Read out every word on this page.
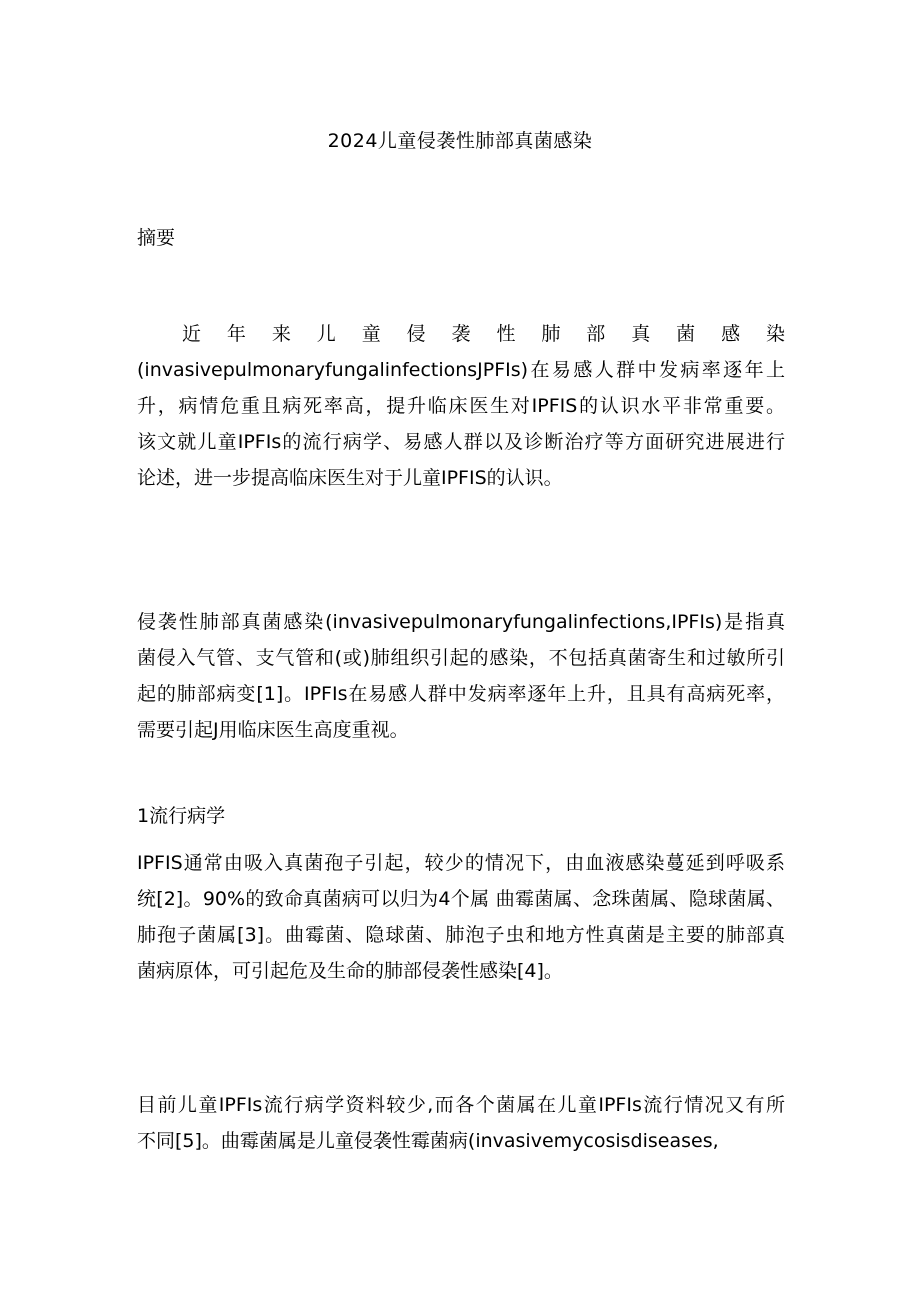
2024儿童侵袭性肺部真菌感染
摘要
近 年 来 儿 童 侵 袭 性 肺 部 真 菌 感 染
(invasivepulmonaryfungalinfectionsJPFIs)在易感人群中发病率逐年上
升，病情危重且病死率高，提升临床医生对IPFIS的认识水平非常重要。
该文就儿童IPFIs的流行病学、易感人群以及诊断治疗等方面研究进展进行
论述，进一步提高临床医生对于儿童IPFIS的认识。
侵袭性肺部真菌感染(invasivepulmonaryfungalinfections,IPFIs)是指真
菌侵入气管、支气管和(或)肺组织引起的感染，不包括真菌寄生和过敏所引
起的肺部病变[1]。IPFIs在易感人群中发病率逐年上升，且具有高病死率，
需要引起J用临床医生高度重视。
1流行病学
IPFIS通常由吸入真菌孢子引起，较少的情况下，由血液感染蔓延到呼吸系
统[2]。90%的致命真菌病可以归为4个属 曲霉菌属、念珠菌属、隐球菌属、
肺孢子菌属[3]。曲霉菌、隐球菌、肺泡子虫和地方性真菌是主要的肺部真
菌病原体，可引起危及生命的肺部侵袭性感染[4]。
目前儿童IPFIs流行病学资料较少,而各个菌属在儿童IPFIs流行情况又有所
不同[5]。曲霉菌属是儿童侵袭性霉菌病(invasivemycosisdiseases,
